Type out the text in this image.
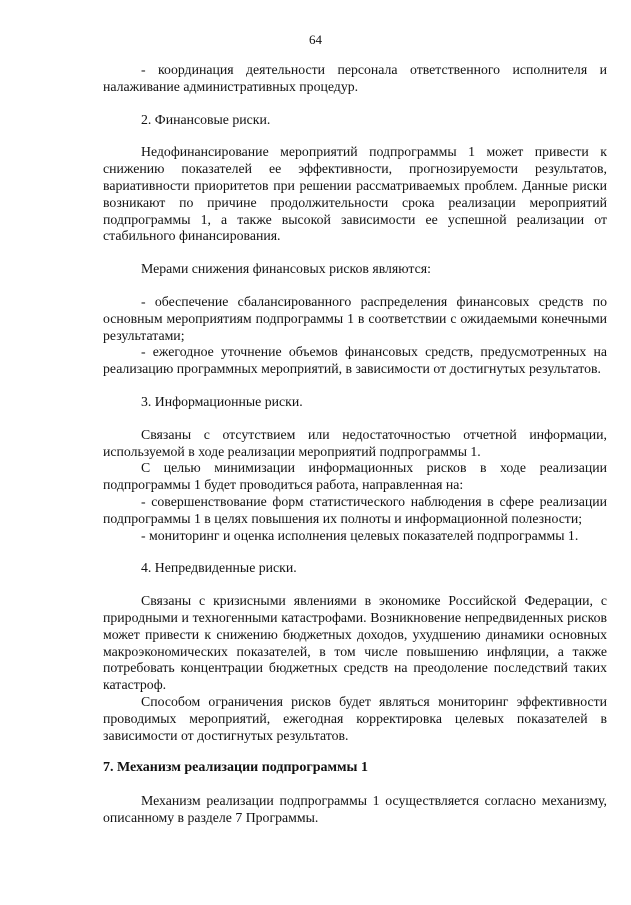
64

- координация деятельности персонала ответственного исполнителя и налаживание административных процедур.

2. Финансовые риски.

Недофинансирование мероприятий подпрограммы 1 может привести к снижению показателей ее эффективности, прогнозируемости результатов, вариативности приоритетов при решении рассматриваемых проблем. Данные риски возникают по причине продолжительности срока реализации мероприятий подпрограммы 1, а также высокой зависимости ее успешной реализации от стабильного финансирования.

Мерами снижения финансовых рисков являются:

- обеспечение сбалансированного распределения финансовых средств по основным мероприятиям подпрограммы 1 в соответствии с ожидаемыми конечными результатами;

- ежегодное уточнение объемов финансовых средств, предусмотренных на реализацию программных мероприятий, в зависимости от достигнутых результатов.

3. Информационные риски.

Связаны с отсутствием или недостаточностью отчетной информации, используемой в ходе реализации мероприятий подпрограммы 1.

С целью минимизации информационных рисков в ходе реализации подпрограммы 1 будет проводиться работа, направленная на:

- совершенствование форм статистического наблюдения в сфере реализации подпрограммы 1 в целях повышения их полноты и информационной полезности;

- мониторинг и оценка исполнения целевых показателей подпрограммы 1.

4. Непредвиденные риски.

Связаны с кризисными явлениями в экономике Российской Федерации, с природными и техногенными катастрофами. Возникновение непредвиденных рисков может привести к снижению бюджетных доходов, ухудшению динамики основных макроэкономических показателей, в том числе повышению инфляции, а также потребовать концентрации бюджетных средств на преодоление последствий таких катастроф.

Способом ограничения рисков будет являться мониторинг эффективности проводимых мероприятий, ежегодная корректировка целевых показателей в зависимости от достигнутых результатов.

7. Механизм реализации подпрограммы 1

Механизм реализации подпрограммы 1 осуществляется согласно механизму, описанному в разделе 7 Программы.
